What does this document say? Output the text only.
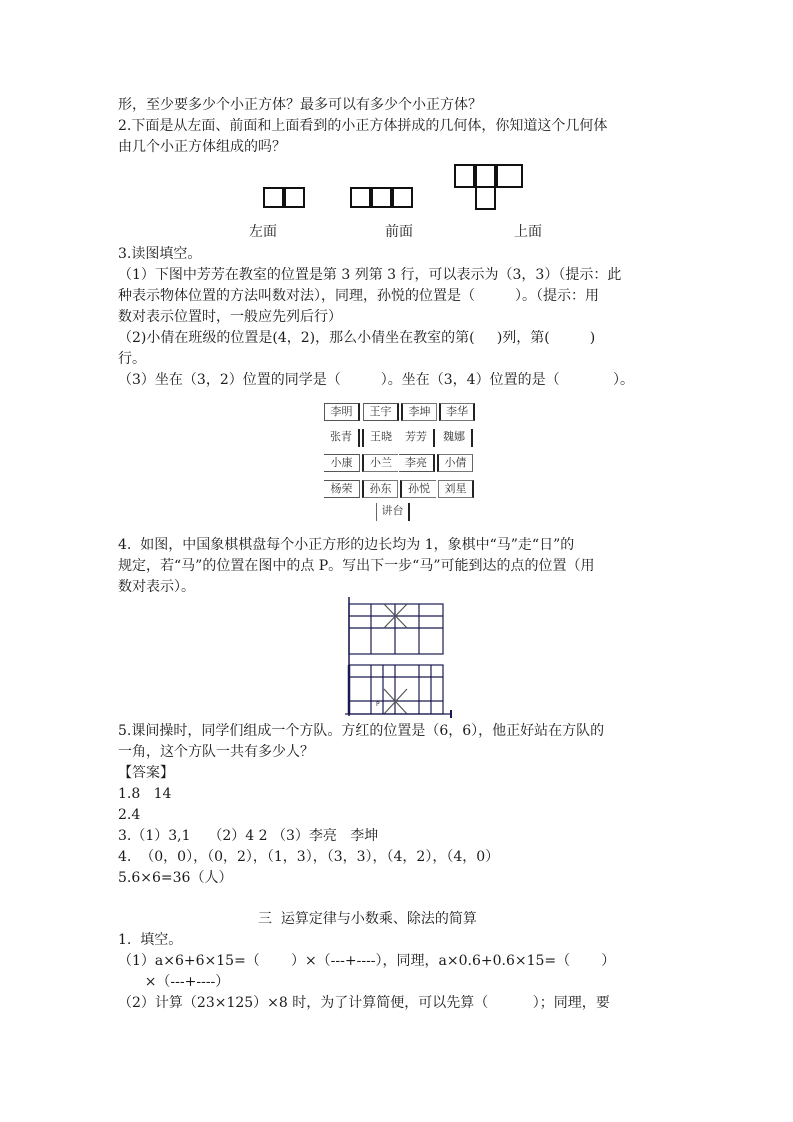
形，至少要多少个小正方体？最多可以有多少个小正方体？
2.下面是从左面、前面和上面看到的小正方体拼成的几何体，你知道这个几何体
由几个小正方体组成的吗？
左面	前面	上面
3.读图填空。
（1）下图中芳芳在教室的位置是第 3 列第 3 行，可以表示为（3，3）（提示：此
种表示物体位置的方法叫数对法），同理，孙悦的位置是（         ）。（提示：用
数对表示位置时，一般应先列后行）
（2)小倩在班级的位置是(4，2)，那么小倩坐在教室的第(     )列，第(         )
行。
（3）坐在（3，2）位置的同学是（         ）。坐在（3，4）位置的是（            ）。
李明	王宇	李坤	李华
张青	王晓	芳芳	魏娜
小康	小兰	李亮	小倩
杨荣	孙东	孙悦	刘星
讲台
4.  如图，中国象棋棋盘每个小正方形的边长均为 1，象棋中“马”走“日”的
规定，若“马”的位置在图中的点 P。写出下一步“马”可能到达的点的位置（用
数对表示）。
P
5.课间操时，同学们组成一个方队。方红的位置是（6，6），他正好站在方队的
一角，这个方队一共有多少人？
【答案】
1.8   14
2.4
3.（1）3,1    （2）4 2 （3）李亮   李坤
4.  （0，0），（0，2），（1，3），（3，3），（4，2），（4，0）
5.6×6=36（人）
三  运算定律与小数乘、除法的简算
1.  填空。
（1）a×6+6×15=（       ）×（---+----），同理，a×0.6+0.6×15=（       ）
×（---+----）
（2）计算（23×125）×8 时，为了计算简便，可以先算（          ）；同理，要
